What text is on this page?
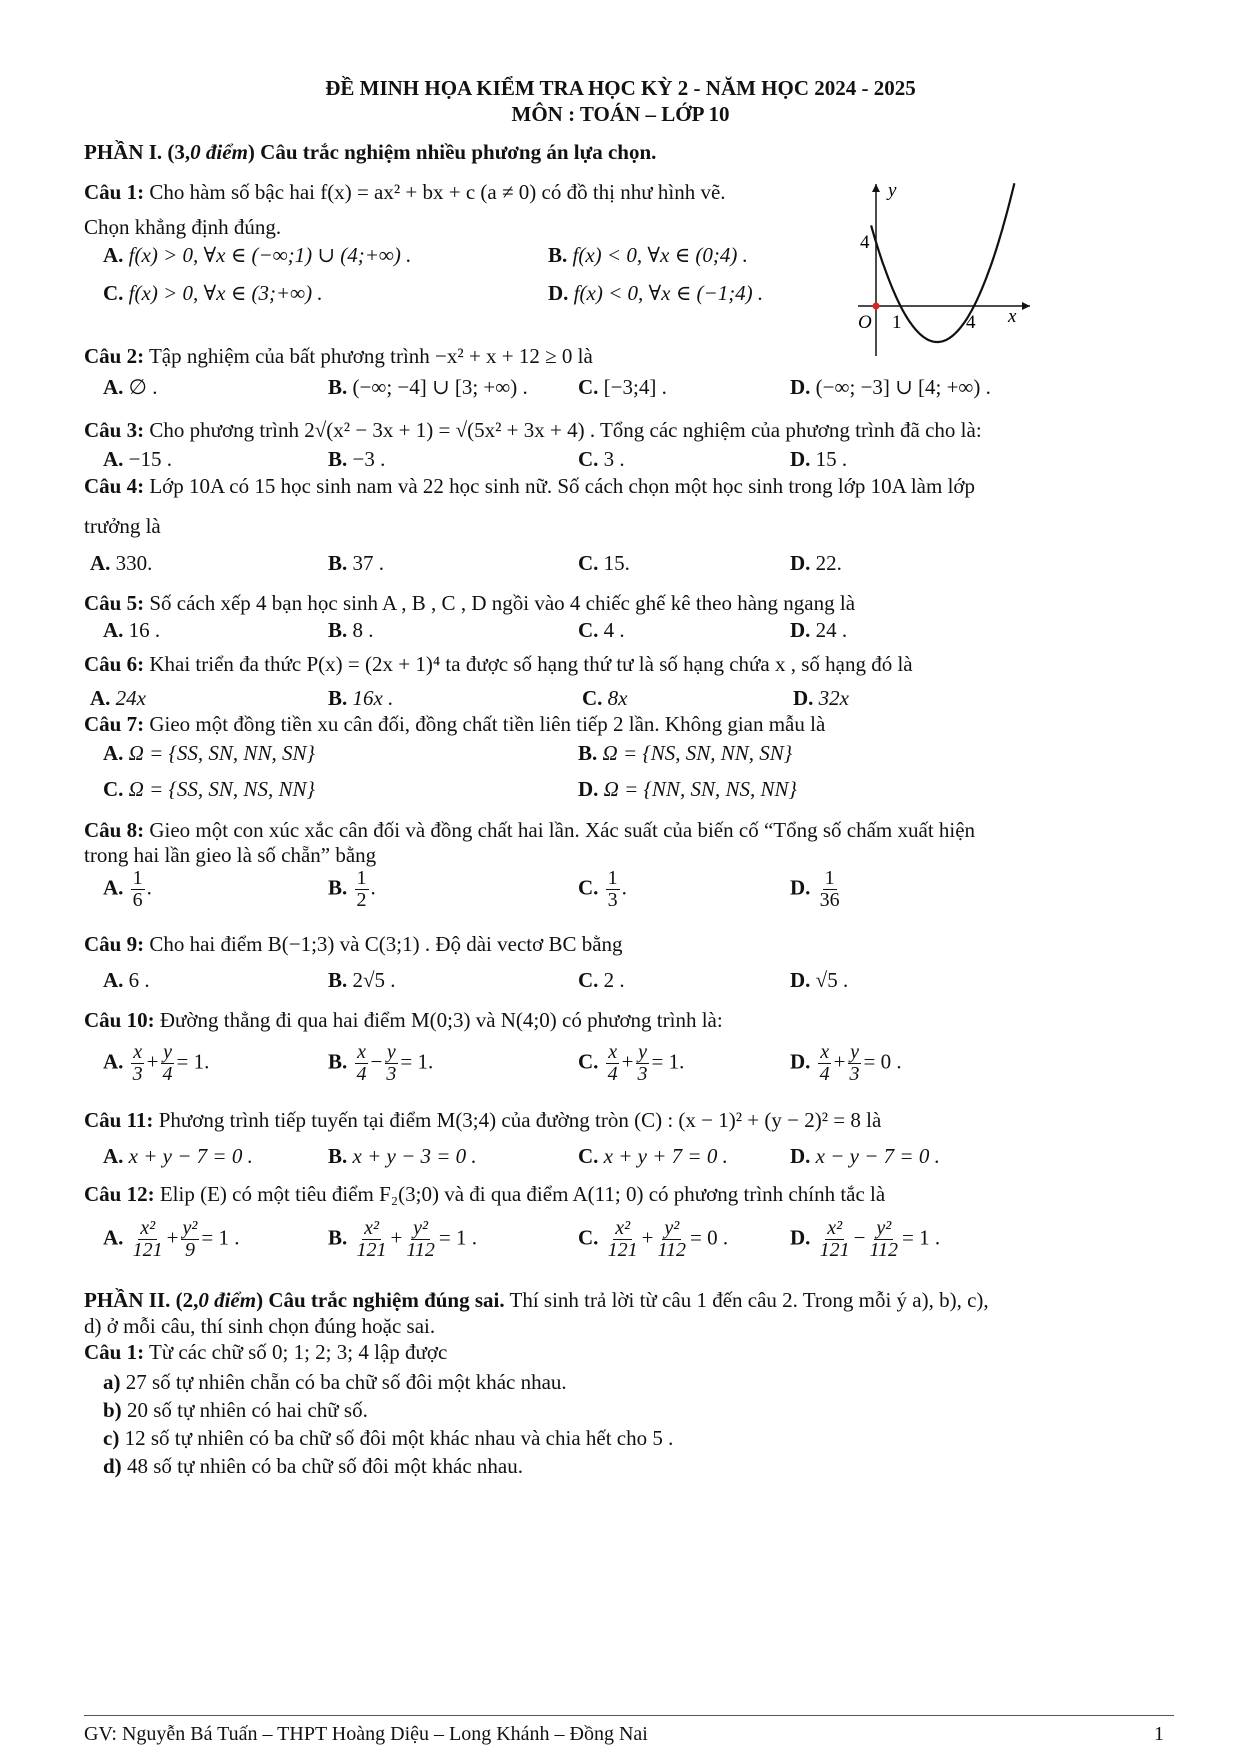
ĐỀ MINH HỌA KIỂM TRA HỌC KỲ 2 - NĂM HỌC 2024 - 2025
MÔN : TOÁN – LỚP 10
PHẦN I. (3,0 điểm) Câu trắc nghiệm nhiều phương án lựa chọn.
Câu 1: Cho hàm số bậc hai f(x) = ax² + bx + c (a ≠ 0) có đồ thị như hình vẽ.
Chọn khẳng định đúng.
A. f(x) > 0, ∀x ∈ (−∞;1) ∪ (4;+∞) .	B. f(x) < 0, ∀x ∈ (0;4) .
C. f(x) > 0, ∀x ∈ (3;+∞) .	D. f(x) < 0, ∀x ∈ (−1;4) .
y
x
O 1	4
4
Câu 2: Tập nghiệm của bất phương trình −x² + x + 12 ≥ 0 là
A. ∅ .	B. (−∞; −4] ∪ [3; +∞) . C. [−3;4] .	D. (−∞; −3] ∪ [4; +∞) .
Câu 3: Cho phương trình 2√(x² − 3x + 1) = √(5x² + 3x + 4) . Tổng các nghiệm của phương trình đã cho là:
A. −15 .	B. −3 .	C. 3 .	D. 15 .
Câu 4: Lớp 10A có 15 học sinh nam và 22 học sinh nữ. Số cách chọn một học sinh trong lớp 10A làm lớp
trưởng là
A. 330.	B. 37 .	C. 15.	D. 22.
Câu 5: Số cách xếp 4 bạn học sinh A , B , C , D ngồi vào 4 chiếc ghế kê theo hàng ngang là
A. 16 .	B. 8 .	C. 4 .	D. 24 .
Câu 6: Khai triển đa thức P(x) = (2x + 1)⁴ ta được số hạng thứ tư là số hạng chứa x , số hạng đó là
A. 24x	B. 16x .	C. 8x	D. 32x
Câu 7: Gieo một đồng tiền xu cân đối, đồng chất tiền liên tiếp 2 lần. Không gian mẫu là
A. Ω = {SS, SN, NN, SN}	B. Ω = {NS, SN, NN, SN}
C. Ω = {SS, SN, NS, NN}	D. Ω = {NN, SN, NS, NN}
Câu 8: Gieo một con xúc xắc cân đối và đồng chất hai lần. Xác suất của biến cố “Tổng số chấm xuất hiện
trong hai lần gieo là số chẵn” bằng
A. $\frac{1}{6}$ .	B. $\frac{1}{2}$ .	C. $\frac{1}{3}$ .	D. $\frac{1}{36}$
Câu 9: Cho hai điểm B(−1;3) và C(3;1) . Độ dài vectơ BC bằng
A. 6 .	B. 2√5 .	C. 2 .	D. √5 .
Câu 10: Đường thẳng đi qua hai điểm M(0;3) và N(4;0) có phương trình là:
A. $\frac{x}{3} + \frac{y}{4} = 1$.	B. $\frac{x}{4} - \frac{y}{3} = 1$.	C. $\frac{x}{4} + \frac{y}{3} = 1$.	D. $\frac{x}{4} + \frac{y}{3} = 0$ .
Câu 11: Phương trình tiếp tuyến tại điểm M(3;4) của đường tròn (C) : (x − 1)² + (y − 2)² = 8 là
A. x + y − 7 = 0 .	B. x + y − 3 = 0 .	C. x + y + 7 = 0 .	D. x − y − 7 = 0 .
Câu 12: Elip (E) có một tiêu điểm F₂(3;0) và đi qua điểm A(11; 0) có phương trình chính tắc là
A. $\frac{\text{x²}}{121} + \frac{\text{y²}}{9} = 1$ .	B. $\frac{\text{x²}}{121} + \frac{\text{y²}}{112} = 1$ .	C. $\frac{\text{x²}}{121} + \frac{\text{y²}}{112} = 0$ .	D. $\frac{\text{x²}}{121} - \frac{\text{y²}}{112} = 1$ .
PHẦN II. (2,0 điểm) Câu trắc nghiệm đúng sai. Thí sinh trả lời từ câu 1 đến câu 2. Trong mỗi ý a), b), c),
d) ở mỗi câu, thí sinh chọn đúng hoặc sai.
Câu 1: Từ các chữ số 0; 1; 2; 3; 4 lập được
a) 27 số tự nhiên chẵn có ba chữ số đôi một khác nhau.
b) 20 số tự nhiên có hai chữ số.
c) 12 số tự nhiên có ba chữ số đôi một khác nhau và chia hết cho 5 .
d) 48 số tự nhiên có ba chữ số đôi một khác nhau.
GV: Nguyễn Bá Tuấn – THPT Hoàng Diệu – Long Khánh – Đồng Nai	1
